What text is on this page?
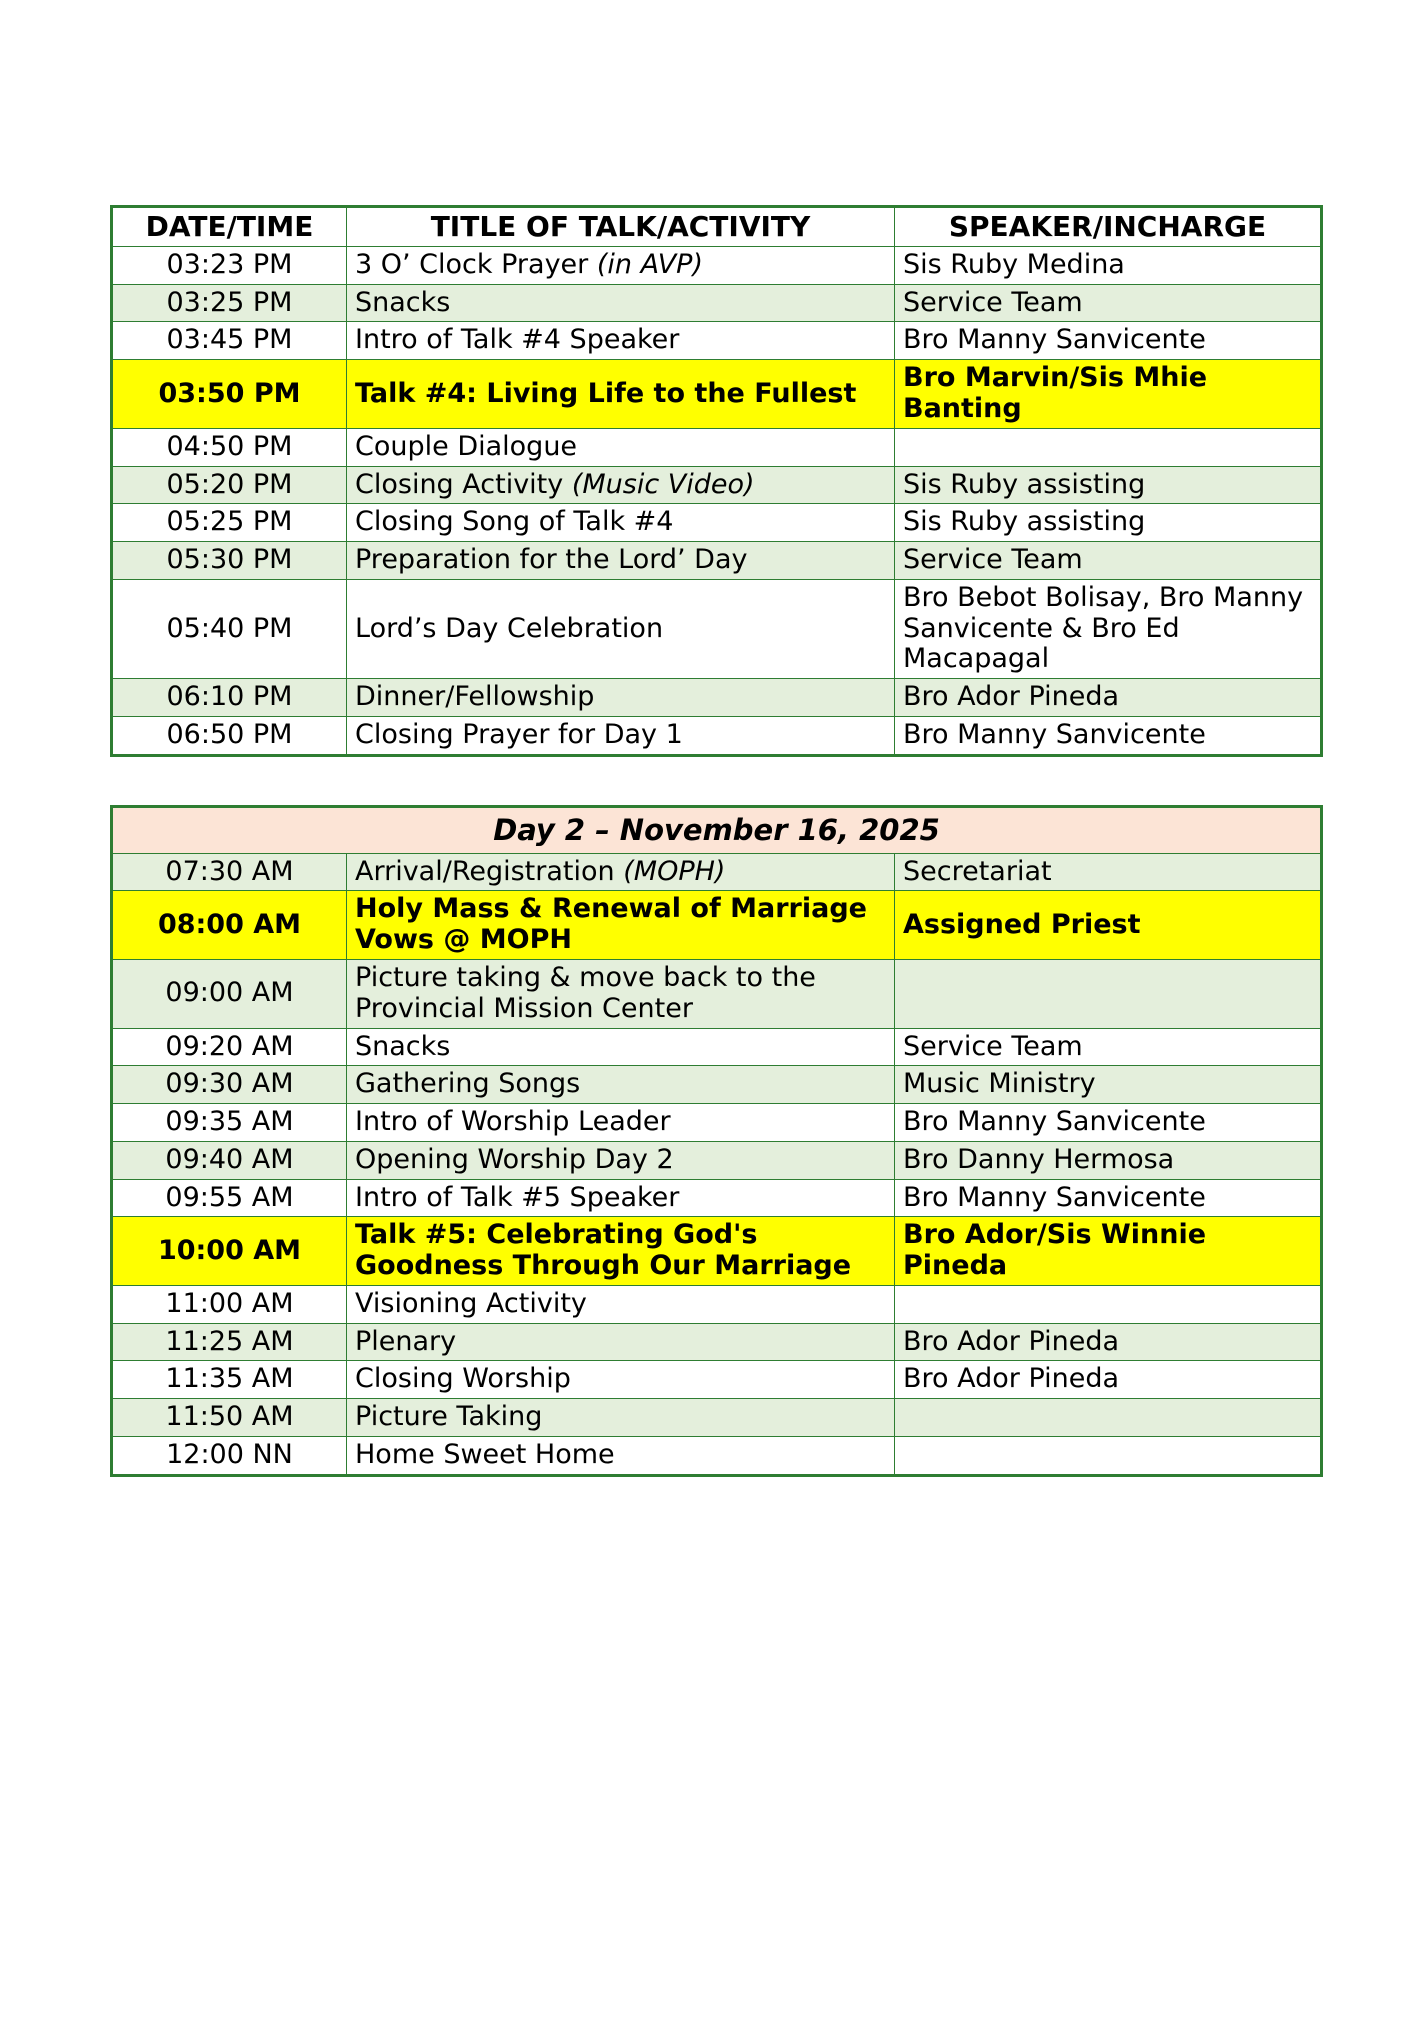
DATE/TIME	TITLE OF TALK/ACTIVITY	SPEAKER/INCHARGE
03:23 PM	3 O’ Clock Prayer (in AVP)	Sis Ruby Medina
03:25 PM	Snacks	Service Team
03:45 PM	Intro of Talk #4 Speaker	Bro Manny Sanvicente
03:50 PM	Talk #4: Living Life to the Fullest	Bro Marvin/Sis Mhie Banting
04:50 PM	Couple Dialogue	
05:20 PM	Closing Activity (Music Video)	Sis Ruby assisting
05:25 PM	Closing Song of Talk #4	Sis Ruby assisting
05:30 PM	Preparation for the Lord’ Day	Service Team
05:40 PM	Lord’s Day Celebration	Bro Bebot Bolisay, Bro Manny Sanvicente & Bro Ed Macapagal
06:10 PM	Dinner/Fellowship	Bro Ador Pineda
06:50 PM	Closing Prayer for Day 1	Bro Manny Sanvicente
Day 2 – November 16, 2025		
07:30 AM	Arrival/Registration (MOPH)	Secretariat
08:00 AM	Holy Mass & Renewal of Marriage Vows @ MOPH	Assigned Priest
09:00 AM	Picture taking & move back to the Provincial Mission Center	
09:20 AM	Snacks	Service Team
09:30 AM	Gathering Songs	Music Ministry
09:35 AM	Intro of Worship Leader	Bro Manny Sanvicente
09:40 AM	Opening Worship Day 2	Bro Danny Hermosa
09:55 AM	Intro of Talk #5 Speaker	Bro Manny Sanvicente
10:00 AM	Talk #5: Celebrating God's Goodness Through Our Marriage	Bro Ador/Sis Winnie Pineda
11:00 AM	Visioning Activity	
11:25 AM	Plenary	Bro Ador Pineda
11:35 AM	Closing Worship	Bro Ador Pineda
11:50 AM	Picture Taking	
12:00 NN	Home Sweet Home	
